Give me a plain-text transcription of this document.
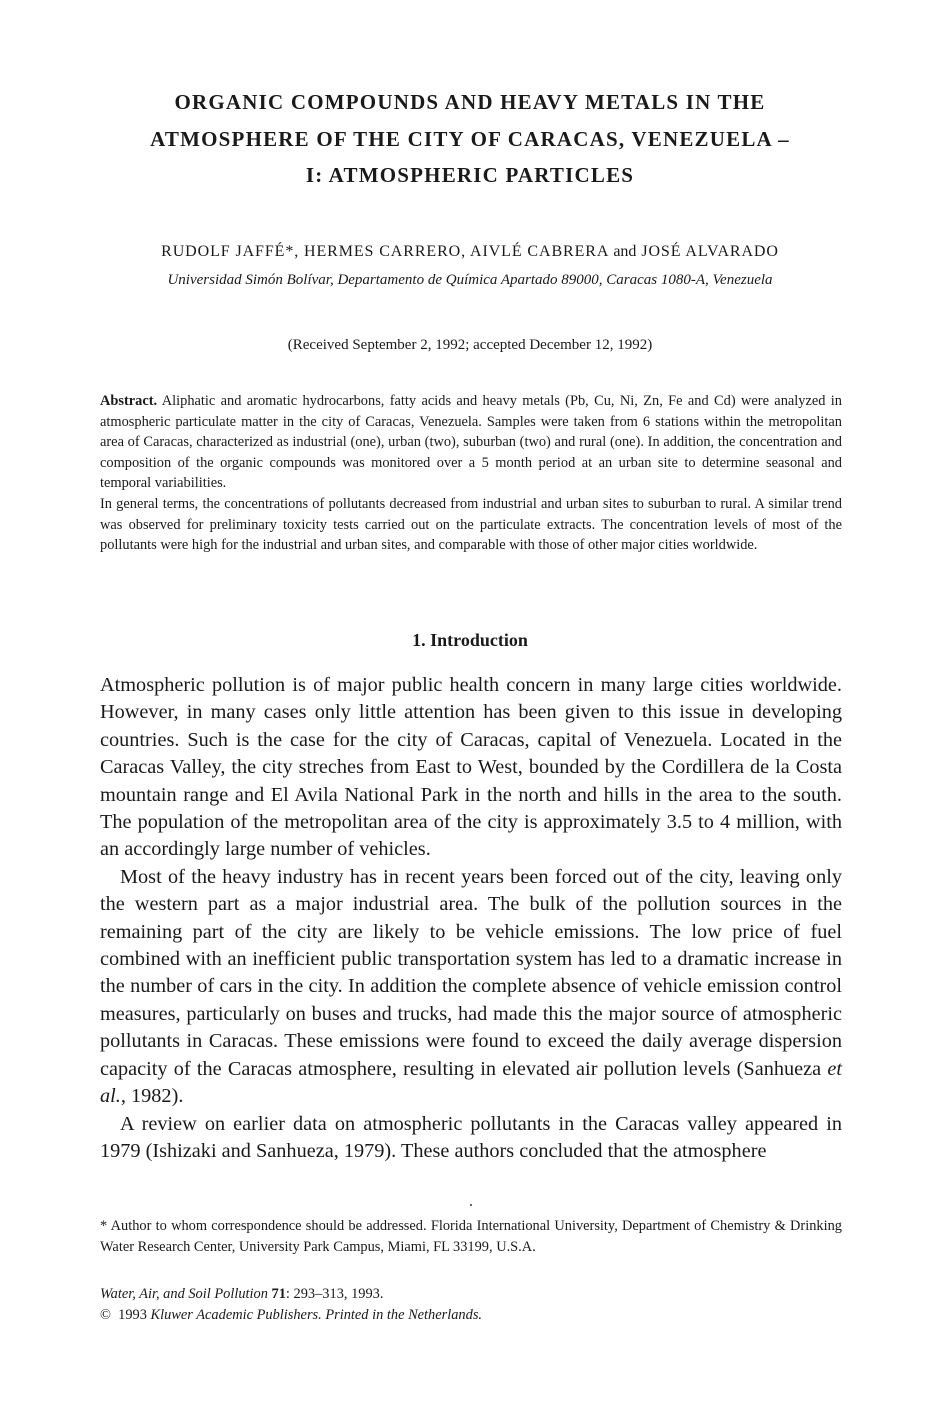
ORGANIC COMPOUNDS AND HEAVY METALS IN THE
ATMOSPHERE OF THE CITY OF CARACAS, VENEZUELA –
I: ATMOSPHERIC PARTICLES
RUDOLF JAFFÉ*, HERMES CARRERO, AIVLÉ CABRERA and JOSÉ ALVARADO
Universidad Simón Bolívar, Departamento de Química Apartado 89000, Caracas 1080-A, Venezuela
(Received September 2, 1992; accepted December 12, 1992)

Abstract. Aliphatic and aromatic hydrocarbons, fatty acids and heavy metals (Pb, Cu, Ni, Zn, Fe and Cd) were analyzed in atmospheric particulate matter in the city of Caracas, Venezuela. Samples were taken from 6 stations within the metropolitan area of Caracas, characterized as industrial (one), urban (two), suburban (two) and rural (one). In addition, the concentration and composition of the organic compounds was monitored over a 5 month period at an urban site to determine seasonal and temporal variabilities.

In general terms, the concentrations of pollutants decreased from industrial and urban sites to suburban to rural. A similar trend was observed for preliminary toxicity tests carried out on the particulate extracts. The concentration levels of most of the pollutants were high for the industrial and urban sites, and comparable with those of other major cities worldwide.

1. Introduction

Atmospheric pollution is of major public health concern in many large cities worldwide. However, in many cases only little attention has been given to this issue in developing countries. Such is the case for the city of Caracas, capital of Venezuela. Located in the Caracas Valley, the city streches from East to West, bounded by the Cordillera de la Costa mountain range and El Avila National Park in the north and hills in the area to the south. The population of the metropolitan area of the city is approximately 3.5 to 4 million, with an accordingly large number of vehicles.

Most of the heavy industry has in recent years been forced out of the city, leaving only the western part as a major industrial area. The bulk of the pollution sources in the remaining part of the city are likely to be vehicle emissions. The low price of fuel combined with an inefficient public transportation system has led to a dramatic increase in the number of cars in the city. In addition the complete absence of vehicle emission control measures, particularly on buses and trucks, had made this the major source of atmospheric pollutants in Caracas. These emissions were found to exceed the daily average dispersion capacity of the Caracas atmosphere, resulting in elevated air pollution levels (Sanhueza et al., 1982).

A review on earlier data on atmospheric pollutants in the Caracas valley appeared in 1979 (Ishizaki and Sanhueza, 1979). These authors concluded that the atmosphere

* Author to whom correspondence should be addressed. Florida International University, Department of Chemistry & Drinking Water Research Center, University Park Campus, Miami, FL 33199, U.S.A.

Water, Air, and Soil Pollution 71: 293–313, 1993.
© 1993 Kluwer Academic Publishers. Printed in the Netherlands.
